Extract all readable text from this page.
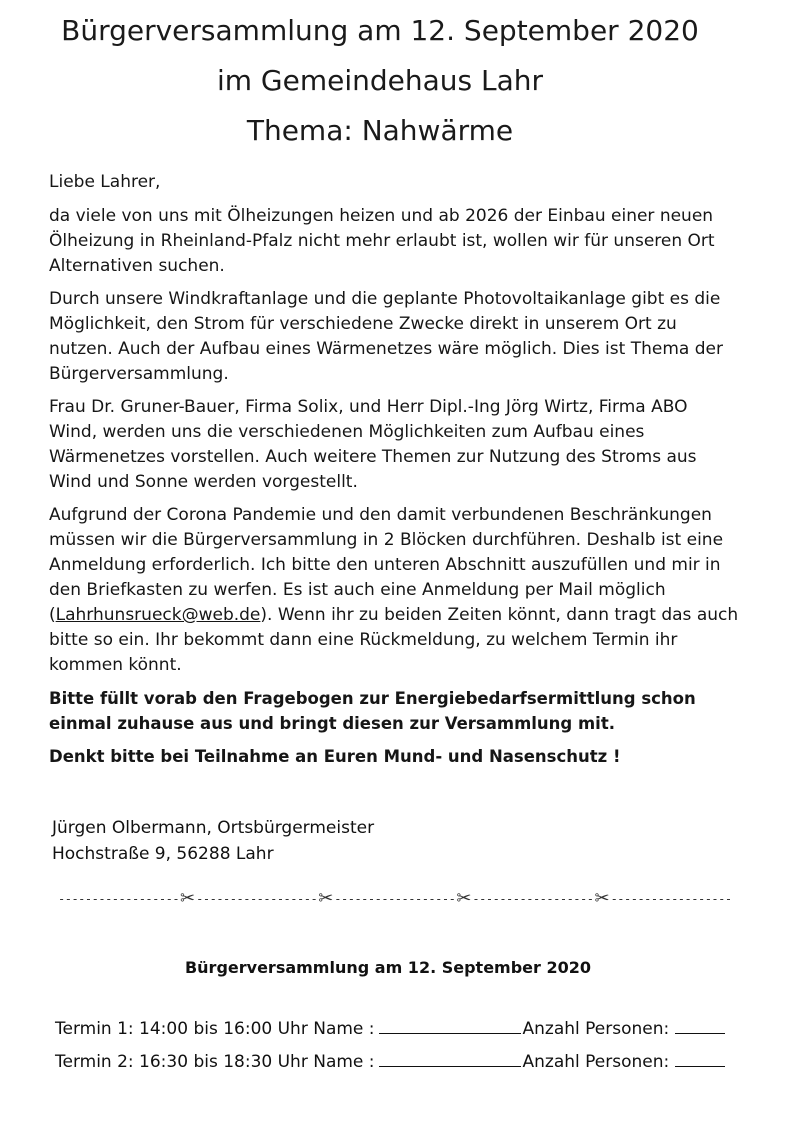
Bürgerversammlung am 12. September 2020
im Gemeindehaus Lahr
Thema: Nahwärme

Liebe Lahrer,

da viele von uns mit Ölheizungen heizen und ab 2026 der Einbau einer neuen Ölheizung in Rheinland-Pfalz nicht mehr erlaubt ist, wollen wir für unseren Ort Alternativen suchen.

Durch unsere Windkraftanlage und die geplante Photovoltaikanlage gibt es die Möglichkeit, den Strom für verschiedene Zwecke direkt in unserem Ort zu nutzen. Auch der Aufbau eines Wärmenetzes wäre möglich. Dies ist Thema der Bürgerversammlung.

Frau Dr. Gruner-Bauer, Firma Solix, und Herr Dipl.-Ing Jörg Wirtz, Firma ABO Wind, werden uns die verschiedenen Möglichkeiten zum Aufbau eines Wärmenetzes vorstellen. Auch weitere Themen zur Nutzung des Stroms aus Wind und Sonne werden vorgestellt.

Aufgrund der Corona Pandemie und den damit verbundenen Beschränkungen müssen wir die Bürgerversammlung in 2 Blöcken durchführen. Deshalb ist eine Anmeldung erforderlich. Ich bitte den unteren Abschnitt auszufüllen und mir in den Briefkasten zu werfen. Es ist auch eine Anmeldung per Mail möglich (Lahrhunsrueck@web.de). Wenn ihr zu beiden Zeiten könnt, dann tragt das auch bitte so ein. Ihr bekommt dann eine Rückmeldung, zu welchem Termin ihr kommen könnt.

Bitte füllt vorab den Fragebogen zur Energiebedarfsermittlung schon einmal zuhause aus und bringt diesen zur Versammlung mit.

Denkt bitte bei Teilnahme an Euren Mund- und Nasenschutz !

Jürgen Olbermann, Ortsbürgermeister
Hochstraße 9, 56288 Lahr
------------------✂------------------✂------------------✂------------------✂------------------
Bürgerversammlung am 12. September 2020
Termin 1: 14:00 bis 16:00 Uhr Name :	Anzahl Personen:
Termin 2: 16:30 bis 18:30 Uhr Name :	Anzahl Personen:
